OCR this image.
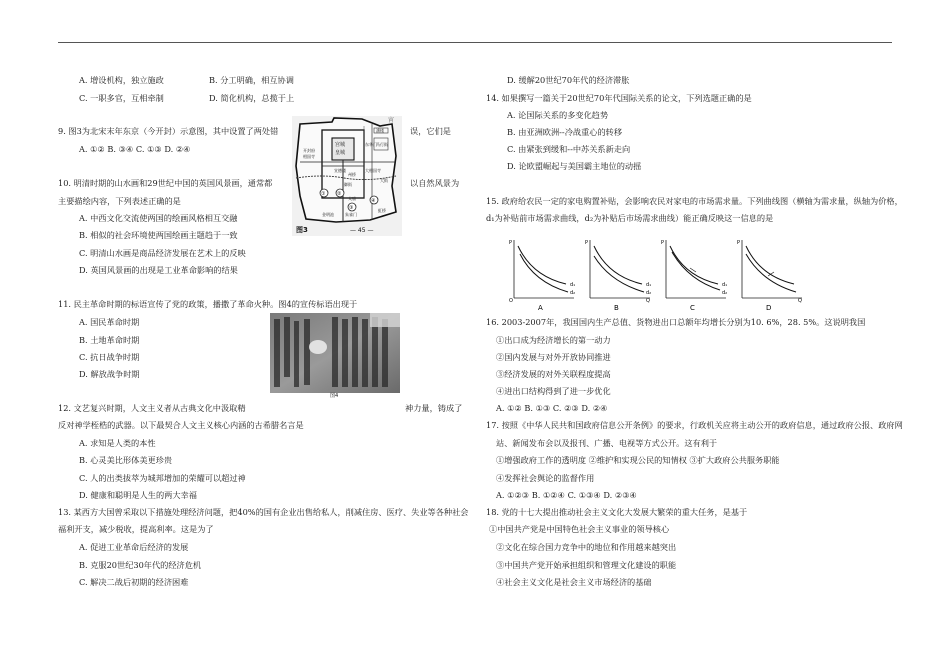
A. 增设机构，独立施政	B. 分工明确，相互协调
C. 一职多官，互相牵制	D. 简化机构，总揽于上
9. 图3为北宋末年东京（今开封）示意图，其中设置了两处错	误，它们是
A. ①② B. ③④ C. ①③ D. ②④
10. 明清时期的山水画和29世纪中国的英国风景画，通常都	以自然风景为
主要描绘内容，下列表述正确的是
A. 中西文化交流使两国的绘画风格相互交融
B. 相似的社会环境使两国绘画主题趋于一致
C. 明清山水画是商品经济发展在艺术上的反映
D. 英国风景画的出现是工业革命影响的结果
11. 民主革命时期的标语宣传了党的政策，播撒了革命火种。图4的宣传标语出现于
A. 国民革命时期
B. 土地革命时期
C. 抗日战争时期
D. 解放战争时期
12. 文艺复兴时期，人文主义者从古典文化中汲取精	神力量，铸成了
反对神学桎梏的武器。以下最契合人文主义核心内涵的古希腊名言是
A. 求知是人类的本性
B. 心灵美比形体美更珍贵
C. 人的出类拔萃为城邦增加的荣耀可以超过神
D. 健康和聪明是人生的两大幸福
13. 某西方大国曾采取以下措施处理经济问题，把40%的国有企业出售给私人，削减住房、医疗、失业等各种社会
福利开支，减少税收，提高利率。这是为了
A. 促进工业革命后经济的发展
B. 克服20世纪30年代的经济危机
C. 解决二战后初期的经济困难
宫城
皇城
御街
开封府
相国寺
大相国寺
东华门
太庙
潘楼
马行街
宣德楼
大街
金明池
州桥
朱雀门
虹桥
① ②
③
④
宵
图3	— 45 —
图4
D. 缓解20世纪70年代的经济滞胀
14. 如果撰写一篇关于20世纪70年代国际关系的论文，下列选题正确的是
A. 论国际关系的多变化趋势
B. 由亚洲欧洲--冷战重心的转移
C. 由紧张到缓和--中苏关系新走向
D. 论欧盟崛起与美国霸主地位的动摇
15. 政府给农民一定的家电购置补贴，会影响农民对家电的市场需求量。下列曲线图（横轴为需求量，纵轴为价格，
d₁为补贴前市场需求曲线，d₂为补贴后市场需求曲线）能正确反映这一信息的是
P
O
d₁
d₂
A
P
d₁
d₂
Q
B
P
d₁
d₂
C
P
Q
D
16. 2003-2007年，我国国内生产总值、货物进出口总额年均增长分别为10. 6%，28. 5%。这说明我国
①出口成为经济增长的第一动力
②国内发展与对外开放协同推进
③经济发展的对外关联程度提高
④进出口结构得到了进一步优化
A. ①② B. ①③ C. ②③ D. ②④
17. 按照《中华人民共和国政府信息公开条例》的要求，行政机关应将主动公开的政府信息，通过政府公报、政府网
站、新闻发布会以及报刊、广播、电视等方式公开。这有利于
①增强政府工作的透明度 ②维护和实现公民的知情权 ③扩大政府公共服务职能
④发挥社会舆论的监督作用
A. ①②③ B. ①②④ C. ①③④ D. ②③④
18. 党的十七大提出推动社会主义文化大发展大繁荣的重大任务，是基于
①中国共产党是中国特色社会主义事业的领导核心
②文化在综合国力竞争中的地位和作用越来越突出
③中国共产党开始承担组织和管理文化建设的职能
④社会主义文化是社会主义市场经济的基础
